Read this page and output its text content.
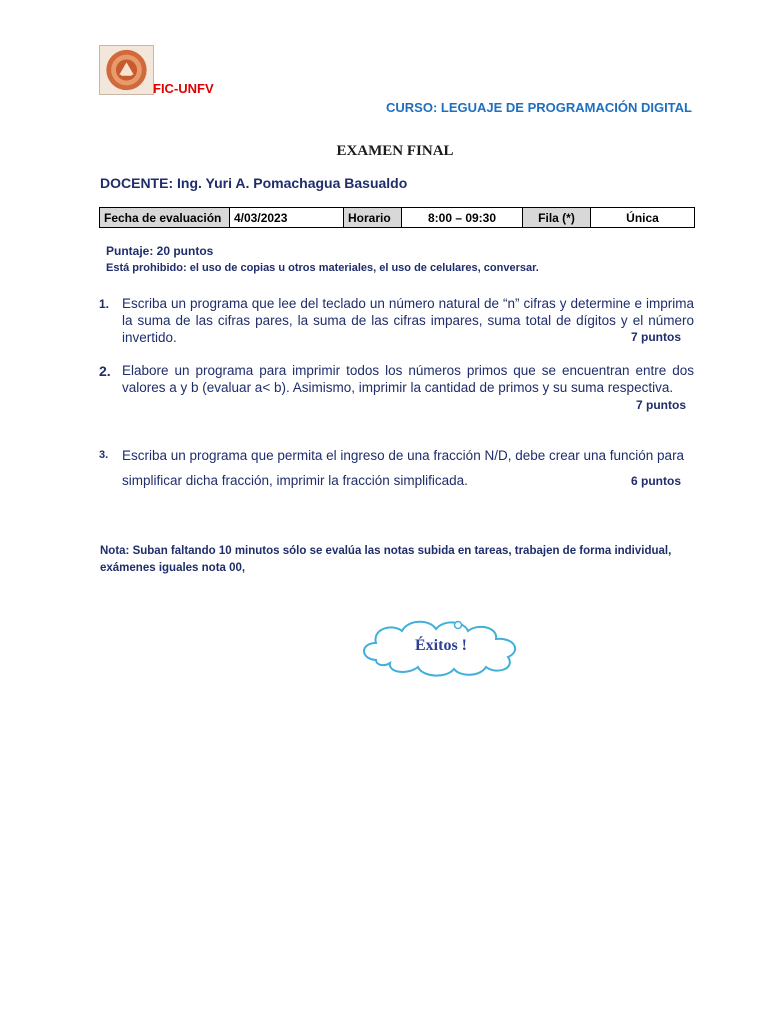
FIC-UNFV
CURSO: LEGUAJE DE PROGRAMACIÓN DIGITAL
EXAMEN FINAL
DOCENTE: Ing. Yuri A. Pomachagua Basualdo
Fecha de evaluación	4/03/2023	Horario	8:00 – 09:30	Fila (*)	Única
Puntaje: 20 puntos
Está prohibido: el uso de copias u otros materiales, el uso de celulares, conversar.
1. Escriba un programa que lee del teclado un número natural de “n” cifras y determine e imprima la suma de las cifras pares, la suma de las cifras impares, suma total de dígitos y el número invertido.	7 puntos
2. Elabore un programa para imprimir todos los números primos que se encuentran entre dos valores a y b (evaluar a< b). Asimismo, imprimir la cantidad de primos y su suma respectiva.
7 puntos
3. Escriba un programa que permita el ingreso de una fracción N/D, debe crear una función para
simplificar dicha fracción, imprimir la fracción simplificada.	6 puntos
Nota: Suban faltando 10 minutos sólo se evalúa las notas subida en tareas, trabajen de forma individual, exámenes iguales nota 00,
Éxitos !
